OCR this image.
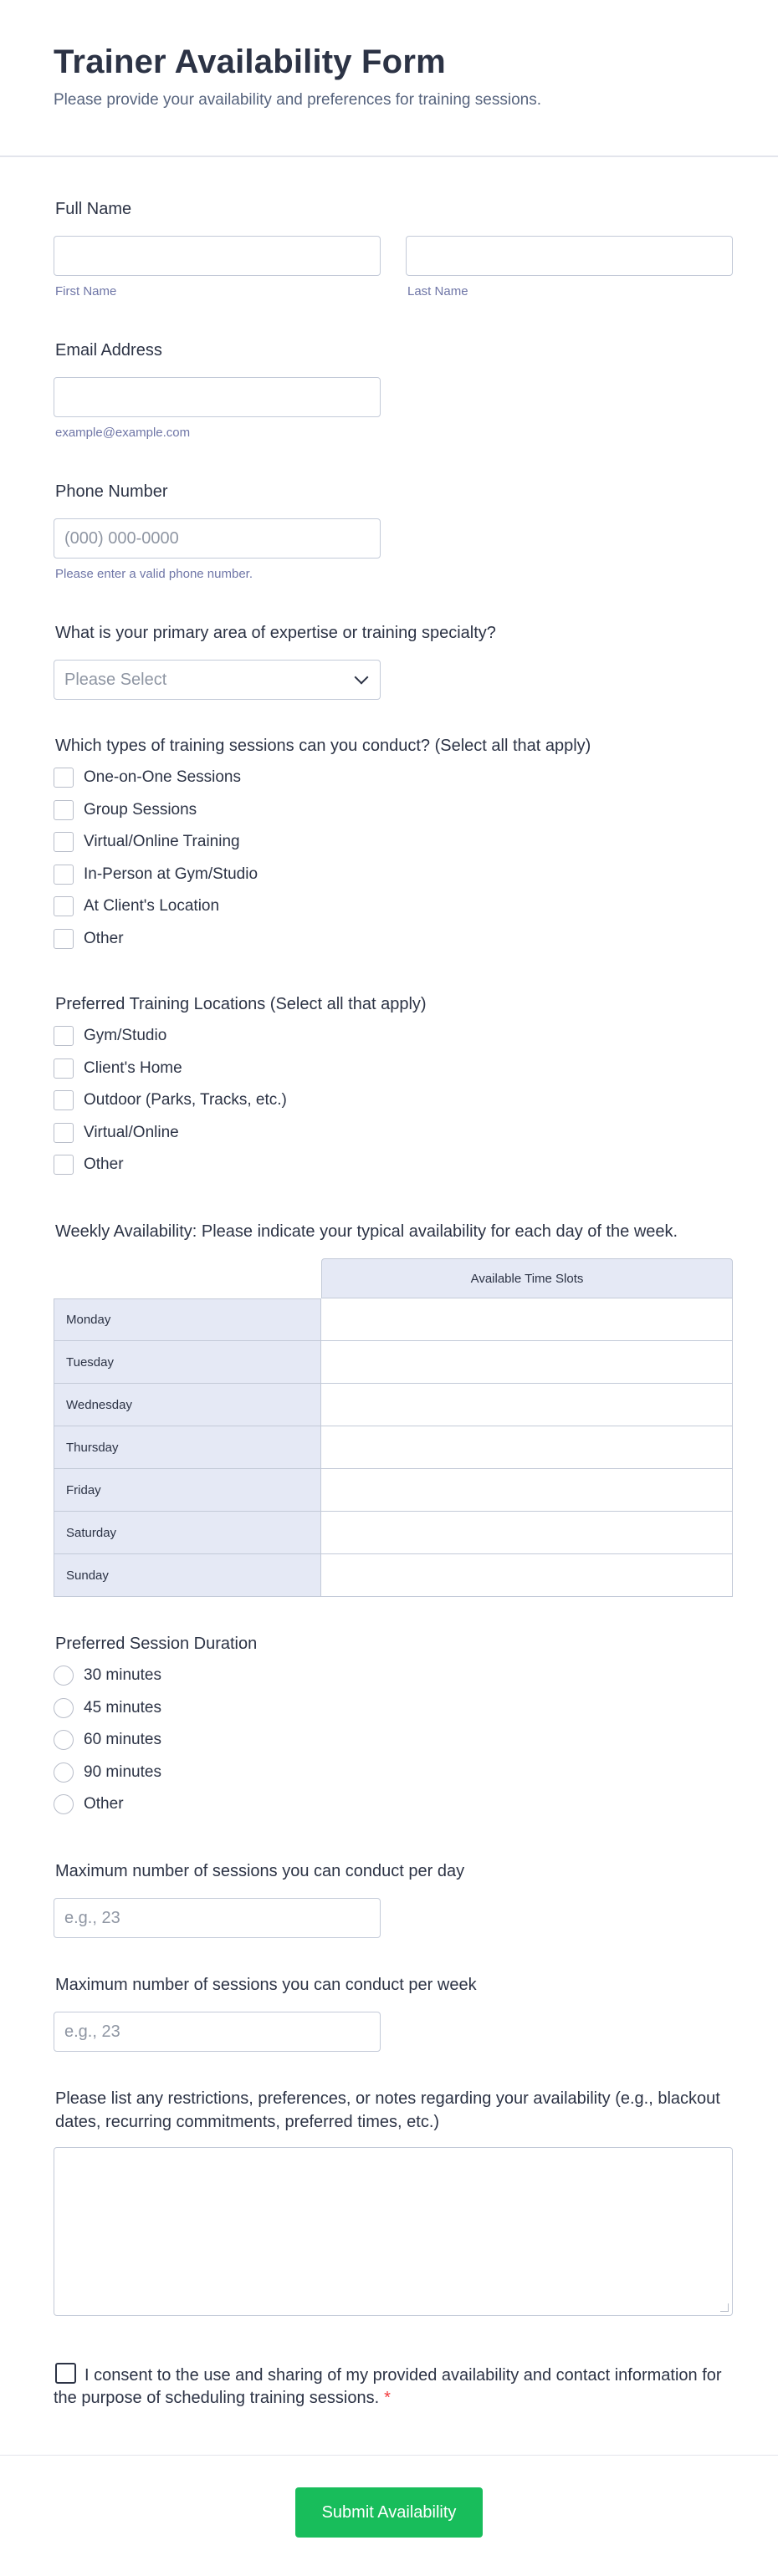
Trainer Availability Form

Please provide your availability and preferences for training sessions.

Full Name
First Name	Last Name
Email Address
example@example.com
Phone Number
(000) 000-0000
Please enter a valid phone number.
What is your primary area of expertise or training specialty?
Please Select
Which types of training sessions can you conduct? (Select all that apply)
One-on-One Sessions
Group Sessions
Virtual/Online Training
In-Person at Gym/Studio
At Client's Location
Other
Preferred Training Locations (Select all that apply)
Gym/Studio
Client's Home
Outdoor (Parks, Tracks, etc.)
Virtual/Online
Other
Weekly Availability: Please indicate your typical availability for each day of the week.
	Available Time Slots
Monday	
Tuesday	
Wednesday	
Thursday	
Friday	
Saturday	
Sunday	
Preferred Session Duration
30 minutes
45 minutes
60 minutes
90 minutes
Other
Maximum number of sessions you can conduct per day
e.g., 23
Maximum number of sessions you can conduct per week
e.g., 23
Please list any restrictions, preferences, or notes regarding your availability (e.g., blackout dates, recurring commitments, preferred times, etc.)
I consent to the use and sharing of my provided availability and contact information for the purpose of scheduling training sessions. *
Submit Availability
